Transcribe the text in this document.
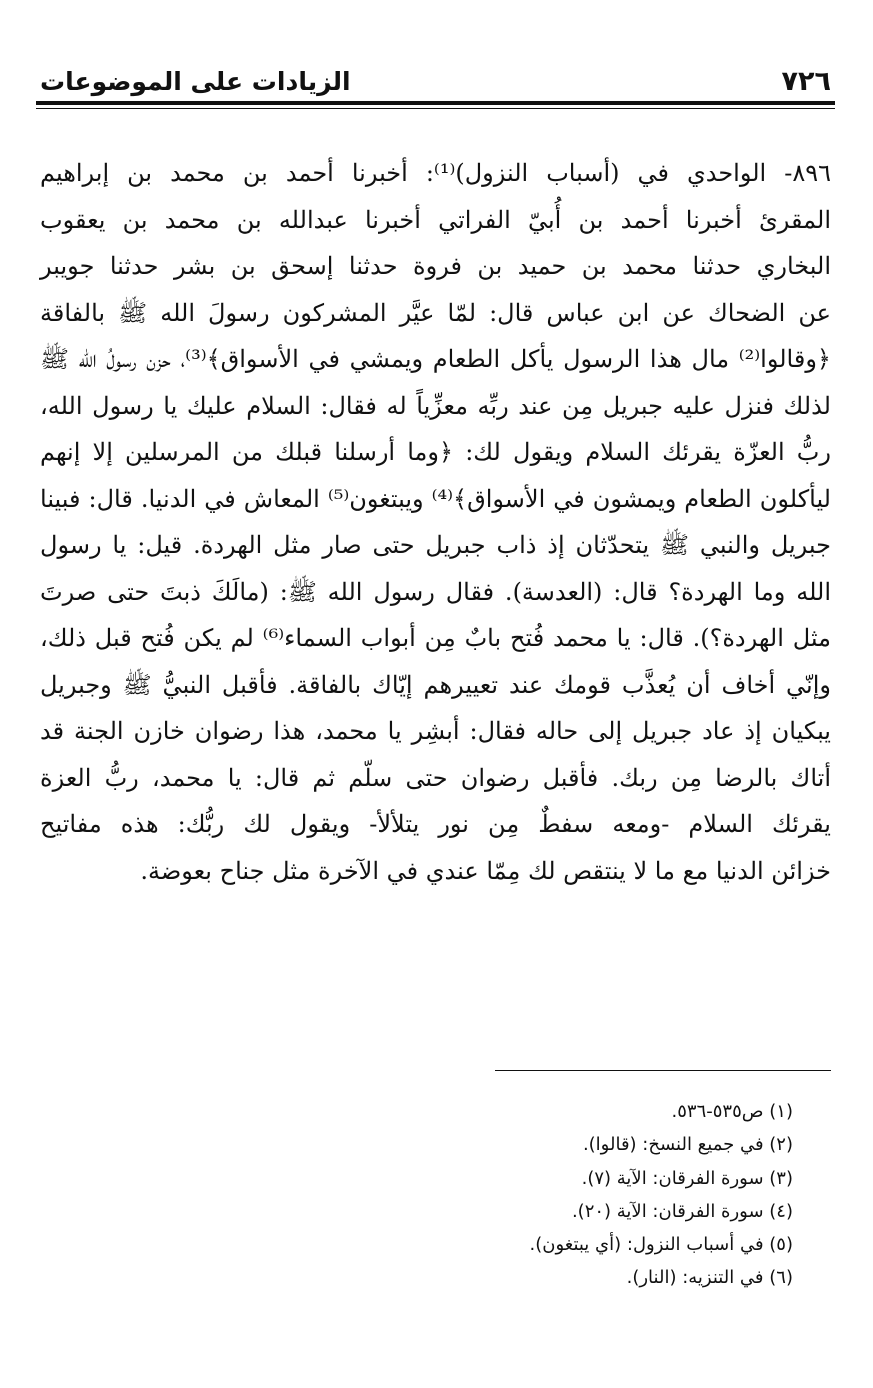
٧٢٦
الزيادات على الموضوعات
٨٩٦- الواحدي في (أسباب النزول)⁽¹⁾: أخبرنا أحمد بن محمد بن إبراهيم
المقرئ أخبرنا أحمد بن أُبيّ الفراتي أخبرنا عبدالله بن محمد بن يعقوب
البخاري حدثنا محمد بن حميد بن فروة حدثنا إسحق بن بشر حدثنا جويبر
عن الضحاك عن ابن عباس قال: لمّا عيَّر المشركون رسولَ الله ﷺ بالفاقة
﴿وقالوا⁽²⁾ مال هذا الرسول يأكل الطعام ويمشي في الأسواق﴾⁽³⁾، حزن رسولُ الله ﷺ
لذلك فنزل عليه جبريل مِن عند ربِّه معزِّياً له فقال: السلام عليك يا رسول الله،
ربُّ العزّة يقرئك السلام ويقول لك: ﴿وما أرسلنا قبلك من المرسلين إلا إنهم
ليأكلون الطعام ويمشون في الأسواق﴾⁽⁴⁾ ويبتغون⁽⁵⁾ المعاش في الدنيا. قال: فبينا
جبريل والنبي ﷺ يتحدّثان إذ ذاب جبريل حتى صار مثل الهردة. قيل: يا رسول
الله وما الهردة؟ قال: (العدسة). فقال رسول الله ﷺ: (مالَكَ ذبتَ حتى صرتَ
مثل الهردة؟). قال: يا محمد فُتح بابٌ مِن أبواب السماء⁽⁶⁾ لم يكن فُتح قبل ذلك،
وإنّي أخاف أن يُعذَّب قومك عند تعييرهم إيّاك بالفاقة. فأقبل النبيُّ ﷺ وجبريل
يبكيان إذ عاد جبريل إلى حاله فقال: أبشِر يا محمد، هذا رضوان خازن الجنة قد
أتاك بالرضا مِن ربك. فأقبل رضوان حتى سلّم ثم قال: يا محمد، ربُّ العزة
يقرئك السلام -ومعه سفطٌ مِن نور يتلألأ- ويقول لك ربُّك: هذه مفاتيح
خزائن الدنيا مع ما لا ينتقص لك مِمّا عندي في الآخرة مثل جناح بعوضة.
(١) ص٥٣٥-٥٣٦.
(٢) في جميع النسخ: (قالوا).
(٣) سورة الفرقان: الآية (٧).
(٤) سورة الفرقان: الآية (٢٠).
(٥) في أسباب النزول: (أي يبتغون).
(٦) في التنزيه: (النار).
